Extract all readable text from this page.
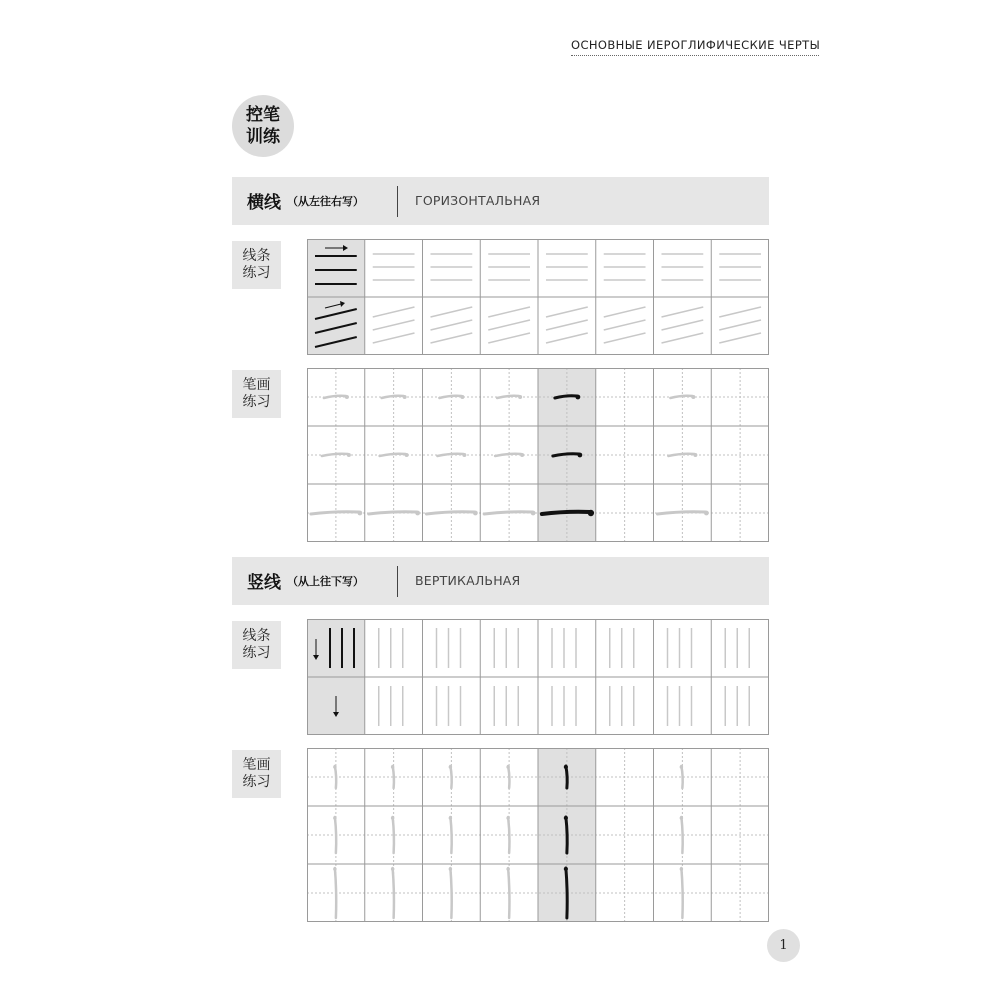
ОСНОВНЫЕ ИЕРОГЛИФИЧЕСКИЕ ЧЕРТЫ
控笔训练
横线 （从左往右写）	ГОРИЗОНТАЛЬНАЯ
线条练习
笔画练习
竖线 （从上往下写）	ВЕРТИКАЛЬНАЯ
线条练习
笔画练习
1
